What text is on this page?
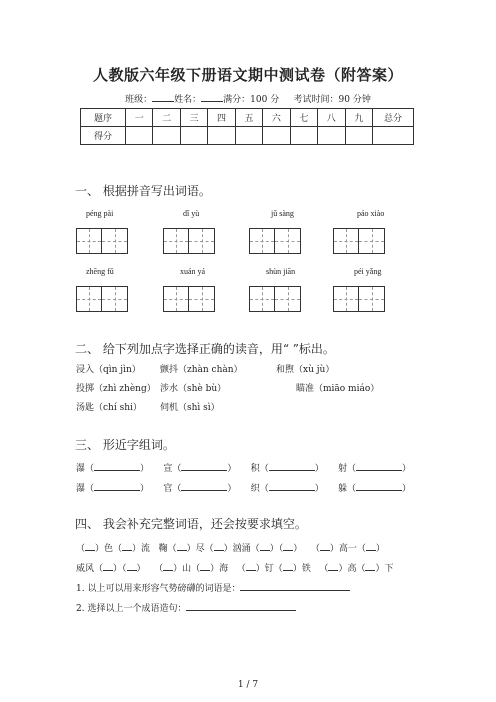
人教版六年级下册语文期中测试卷（附答案）
班级： 姓名： 满分：100 分 考试时间：90 分钟
题序	一	二	三	四	五	六	七	八	九	总分
得分										
一、 根据拼音写出词语。
péng pài	dǐ yù	jǔ sàng	páo xiào
zhēng fǔ	xuán yá	shùn jiān	péi yǎng
二、 给下列加点字选择正确的读音，用“ ”标出。
浸入（qìn jìn） 颤抖（zhàn chàn）	和煦（xù jù）
投掷（zhì zhèng） 涉水（shè bù）	瞄准（miāo miáo）
汤匙（chí shi） 伺机（shì sì）
三、 形近字组词。
瀑（	） 宣（	） 积（	） 射（	）
瀑（	） 官（	） 织（	） 躲（	）
四、 我会补充完整词语，还会按要求填空。
（ ）色（ ）流 鞠（ ）尽（ ）汹涌（ ）（ ） （ ）高一（ ）
威风（ ）（ ） （ ）山（ ）海 （ ）钉（ ）铁 （ ）高（ ）下
1. 以上可以用来形容气势磅礴的词语是：
2. 选择以上一个成语造句：
1 / 7
